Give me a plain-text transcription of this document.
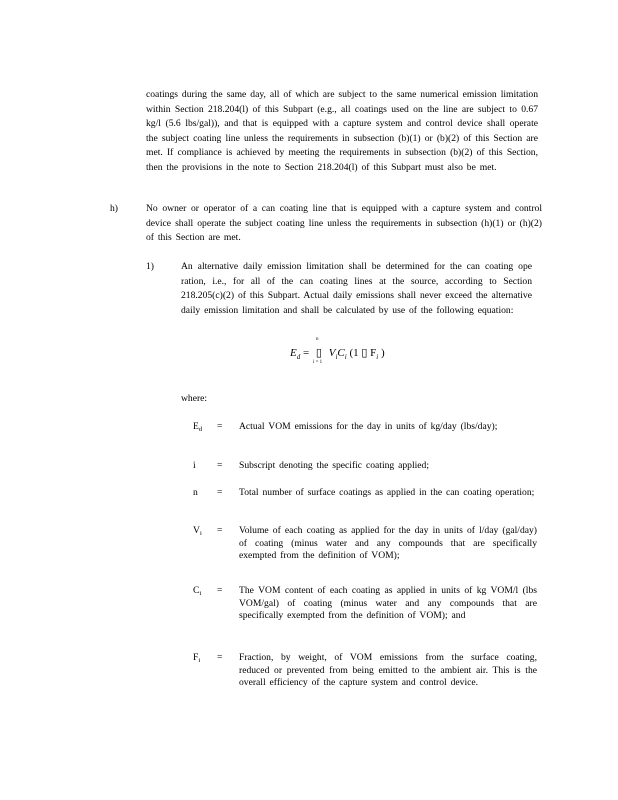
coatings during the same day, all of which are subject to the same numerical emission limitation within Section 218.204(l) of this Subpart (e.g., all coatings used on the line are subject to 0.67 kg/l (5.6 lbs/gal)), and that is equipped with a capture system and control device shall operate the subject coating line unless the requirements in subsection (b)(1) or (b)(2) of this Section are met. If compliance is achieved by meeting the requirements in subsection (b)(2) of this Section, then the provisions in the note to Section 218.204(l) of this Subpart must also be met.
h)	No owner or operator of a can coating line that is equipped with a capture system and control device shall operate the subject coating line unless the requirements in subsection (h)(1) or (h)(2) of this Section are met.
1)	An alternative daily emission limitation shall be determined for the can coating ope ration, i.e., for all of the can coating lines at the source, according to Section 218.205(c)(2) of this Subpart. Actual daily emissions shall never exceed the alternative daily emission limitation and shall be calculated by use of the following equation:
$E_d$ =
n
▯
i = 1
$V_iC_i$ (1 ▯ $F_i$ )
where:
$E_d$	=	Actual VOM emissions for the day in units of kg/day (lbs/day);
i	=	Subscript denoting the specific coating applied;
n	=	Total number of surface coatings as applied in the can coating operation;
$V_i$	=	Volume of each coating as applied for the day in units of l/day (gal/day) of coating (minus water and any compounds that are specifically exempted from the definition of VOM);
$C_i$	=	The VOM content of each coating as applied in units of kg VOM/l (lbs VOM/gal) of coating (minus water and any compounds that are specifically exempted from the definition of VOM); and
$F_i$	=	Fraction, by weight, of VOM emissions from the surface coating, reduced or prevented from being emitted to the ambient air. This is the overall efficiency of the capture system and control device.
